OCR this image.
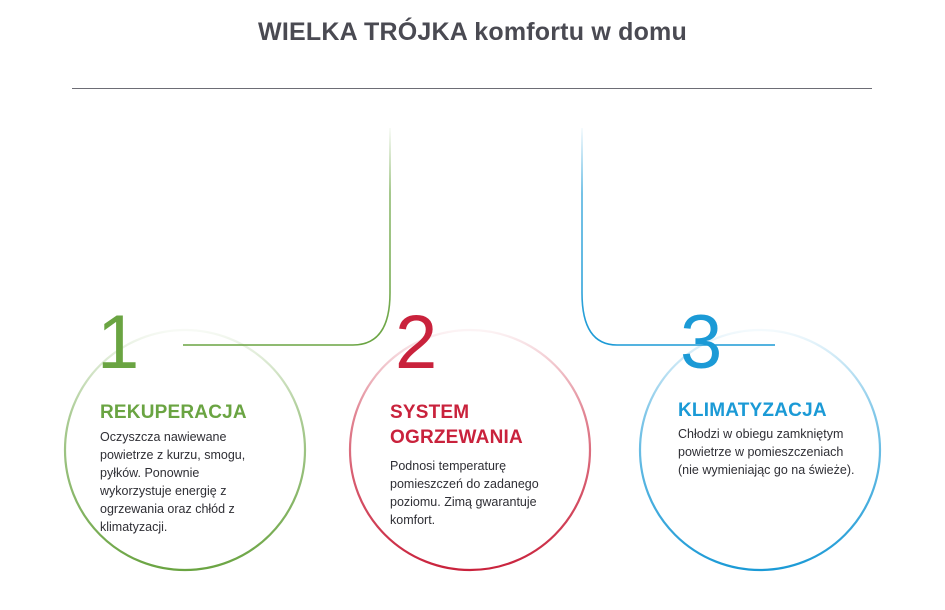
WIELKA TRÓJKA komfortu w domu
1
REKUPERACJA
Oczyszcza nawiewane powietrze z kurzu, smogu, pyłków. Ponownie wykorzystuje energię z ogrzewania oraz chłód z klimatyzacji.
2
SYSTEM OGRZEWANIA
Podnosi temperaturę pomieszczeń do zadanego poziomu. Zimą gwarantuje komfort.
3
KLIMATYZACJA
Chłodzi w obiegu zamkniętym powietrze w pomieszczeniach (nie wymieniając go na świeże).
